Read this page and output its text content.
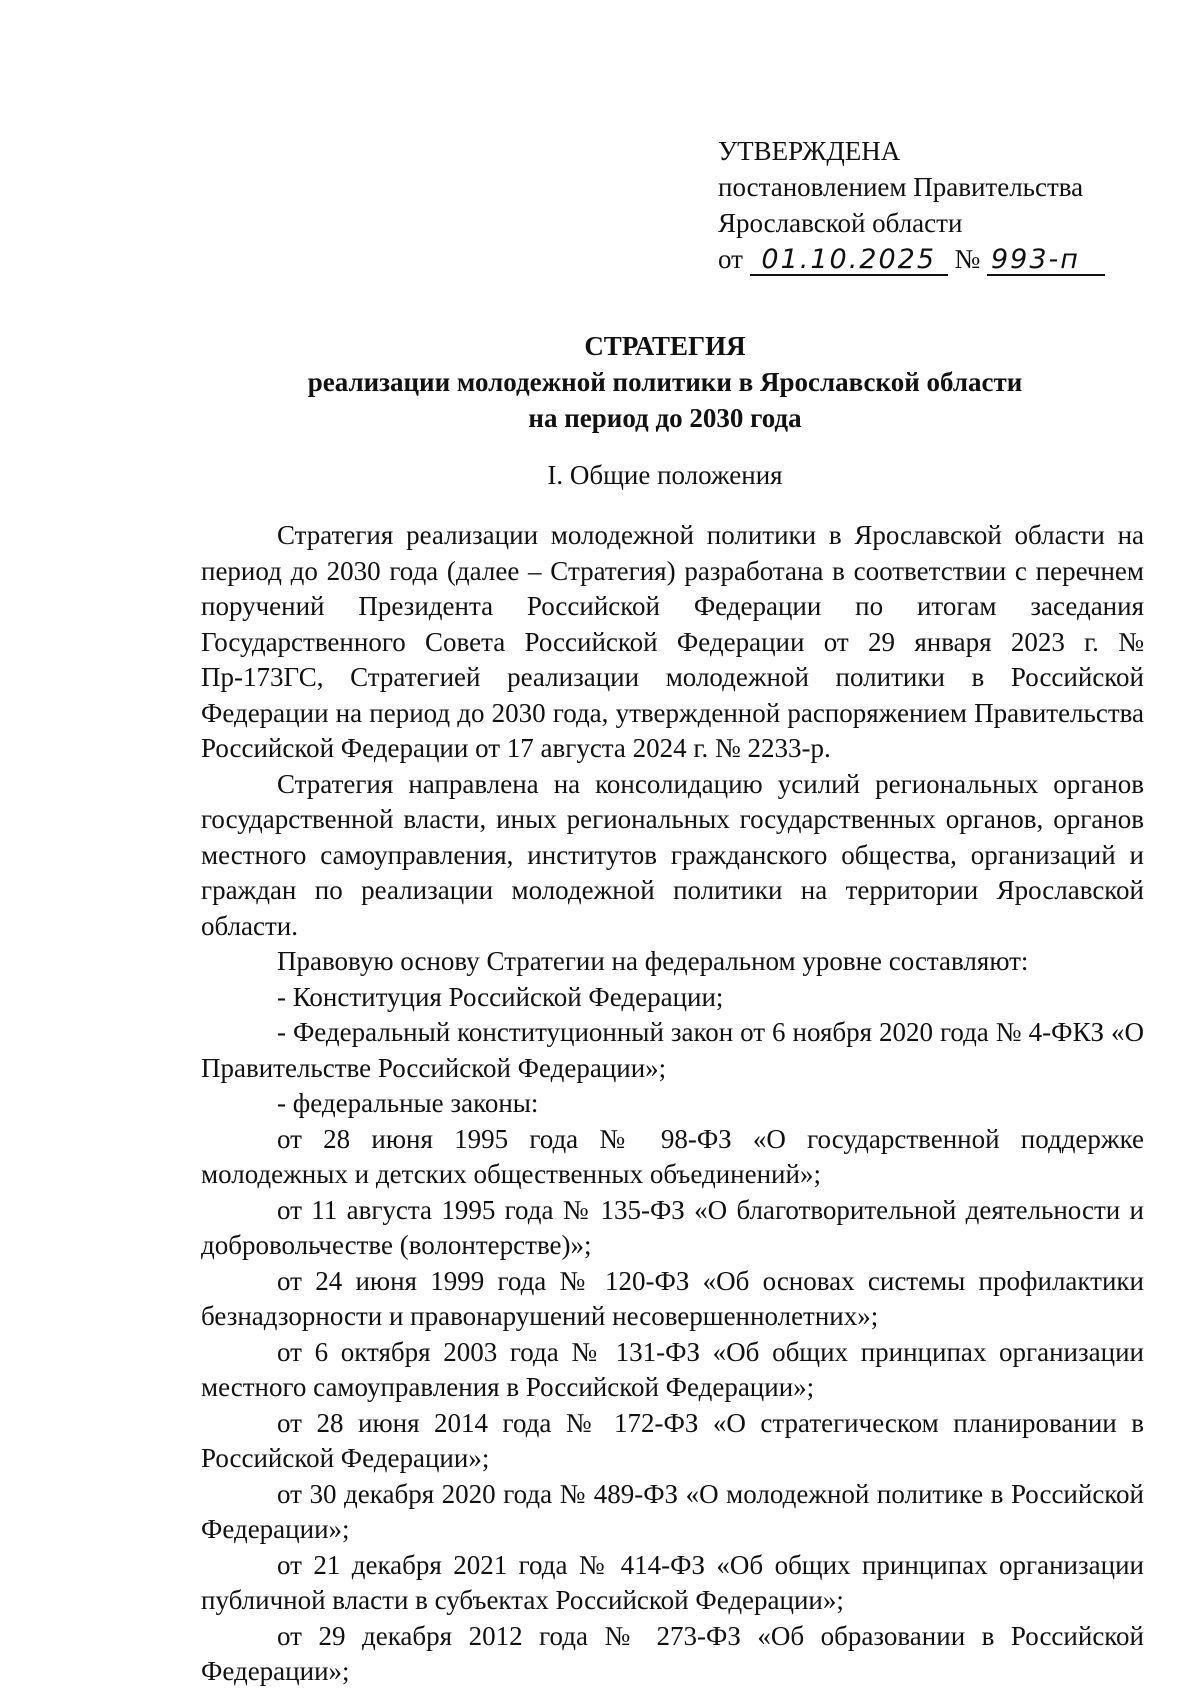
УТВЕРЖДЕНА
постановлением Правительства
Ярославской области
от 01.10.2025 № 993-п
СТРАТЕГИЯ
реализации молодежной политики в Ярославской области
на период до 2030 года
I. Общие положения

Стратегия реализации молодежной политики в Ярославской области на период до 2030 года (далее – Стратегия) разработана в соответствии с перечнем поручений Президента Российской Федерации по итогам заседания Государственного Совета Российской Федерации от 29 января 2023 г. № Пр-173ГС, Стратегией реализации молодежной политики в Российской Федерации на период до 2030 года, утвержденной распоряжением Правительства Российской Федерации от 17 августа 2024 г. № 2233-р.

Стратегия направлена на консолидацию усилий региональных органов государственной власти, иных региональных государственных органов, органов местного самоуправления, институтов гражданского общества, организаций и граждан по реализации молодежной политики на территории Ярославской области.

Правовую основу Стратегии на федеральном уровне составляют:

- Конституция Российской Федерации;

- Федеральный конституционный закон от 6 ноября 2020 года № 4-ФКЗ «О Правительстве Российской Федерации»;

- федеральные законы:

от 28 июня 1995 года № 98-ФЗ «О государственной поддержке молодежных и детских общественных объединений»;

от 11 августа 1995 года № 135-ФЗ «О благотворительной деятельности и добровольчестве (волонтерстве)»;

от 24 июня 1999 года № 120-ФЗ «Об основах системы профилактики безнадзорности и правонарушений несовершеннолетних»;

от 6 октября 2003 года № 131-ФЗ «Об общих принципах организации местного самоуправления в Российской Федерации»;

от 28 июня 2014 года № 172-ФЗ «О стратегическом планировании в Российской Федерации»;

от 30 декабря 2020 года № 489-ФЗ «О молодежной политике в Российской Федерации»;

от 21 декабря 2021 года № 414-ФЗ «Об общих принципах организации публичной власти в субъектах Российской Федерации»;

от 29 декабря 2012 года № 273-ФЗ «Об образовании в Российской Федерации»;
